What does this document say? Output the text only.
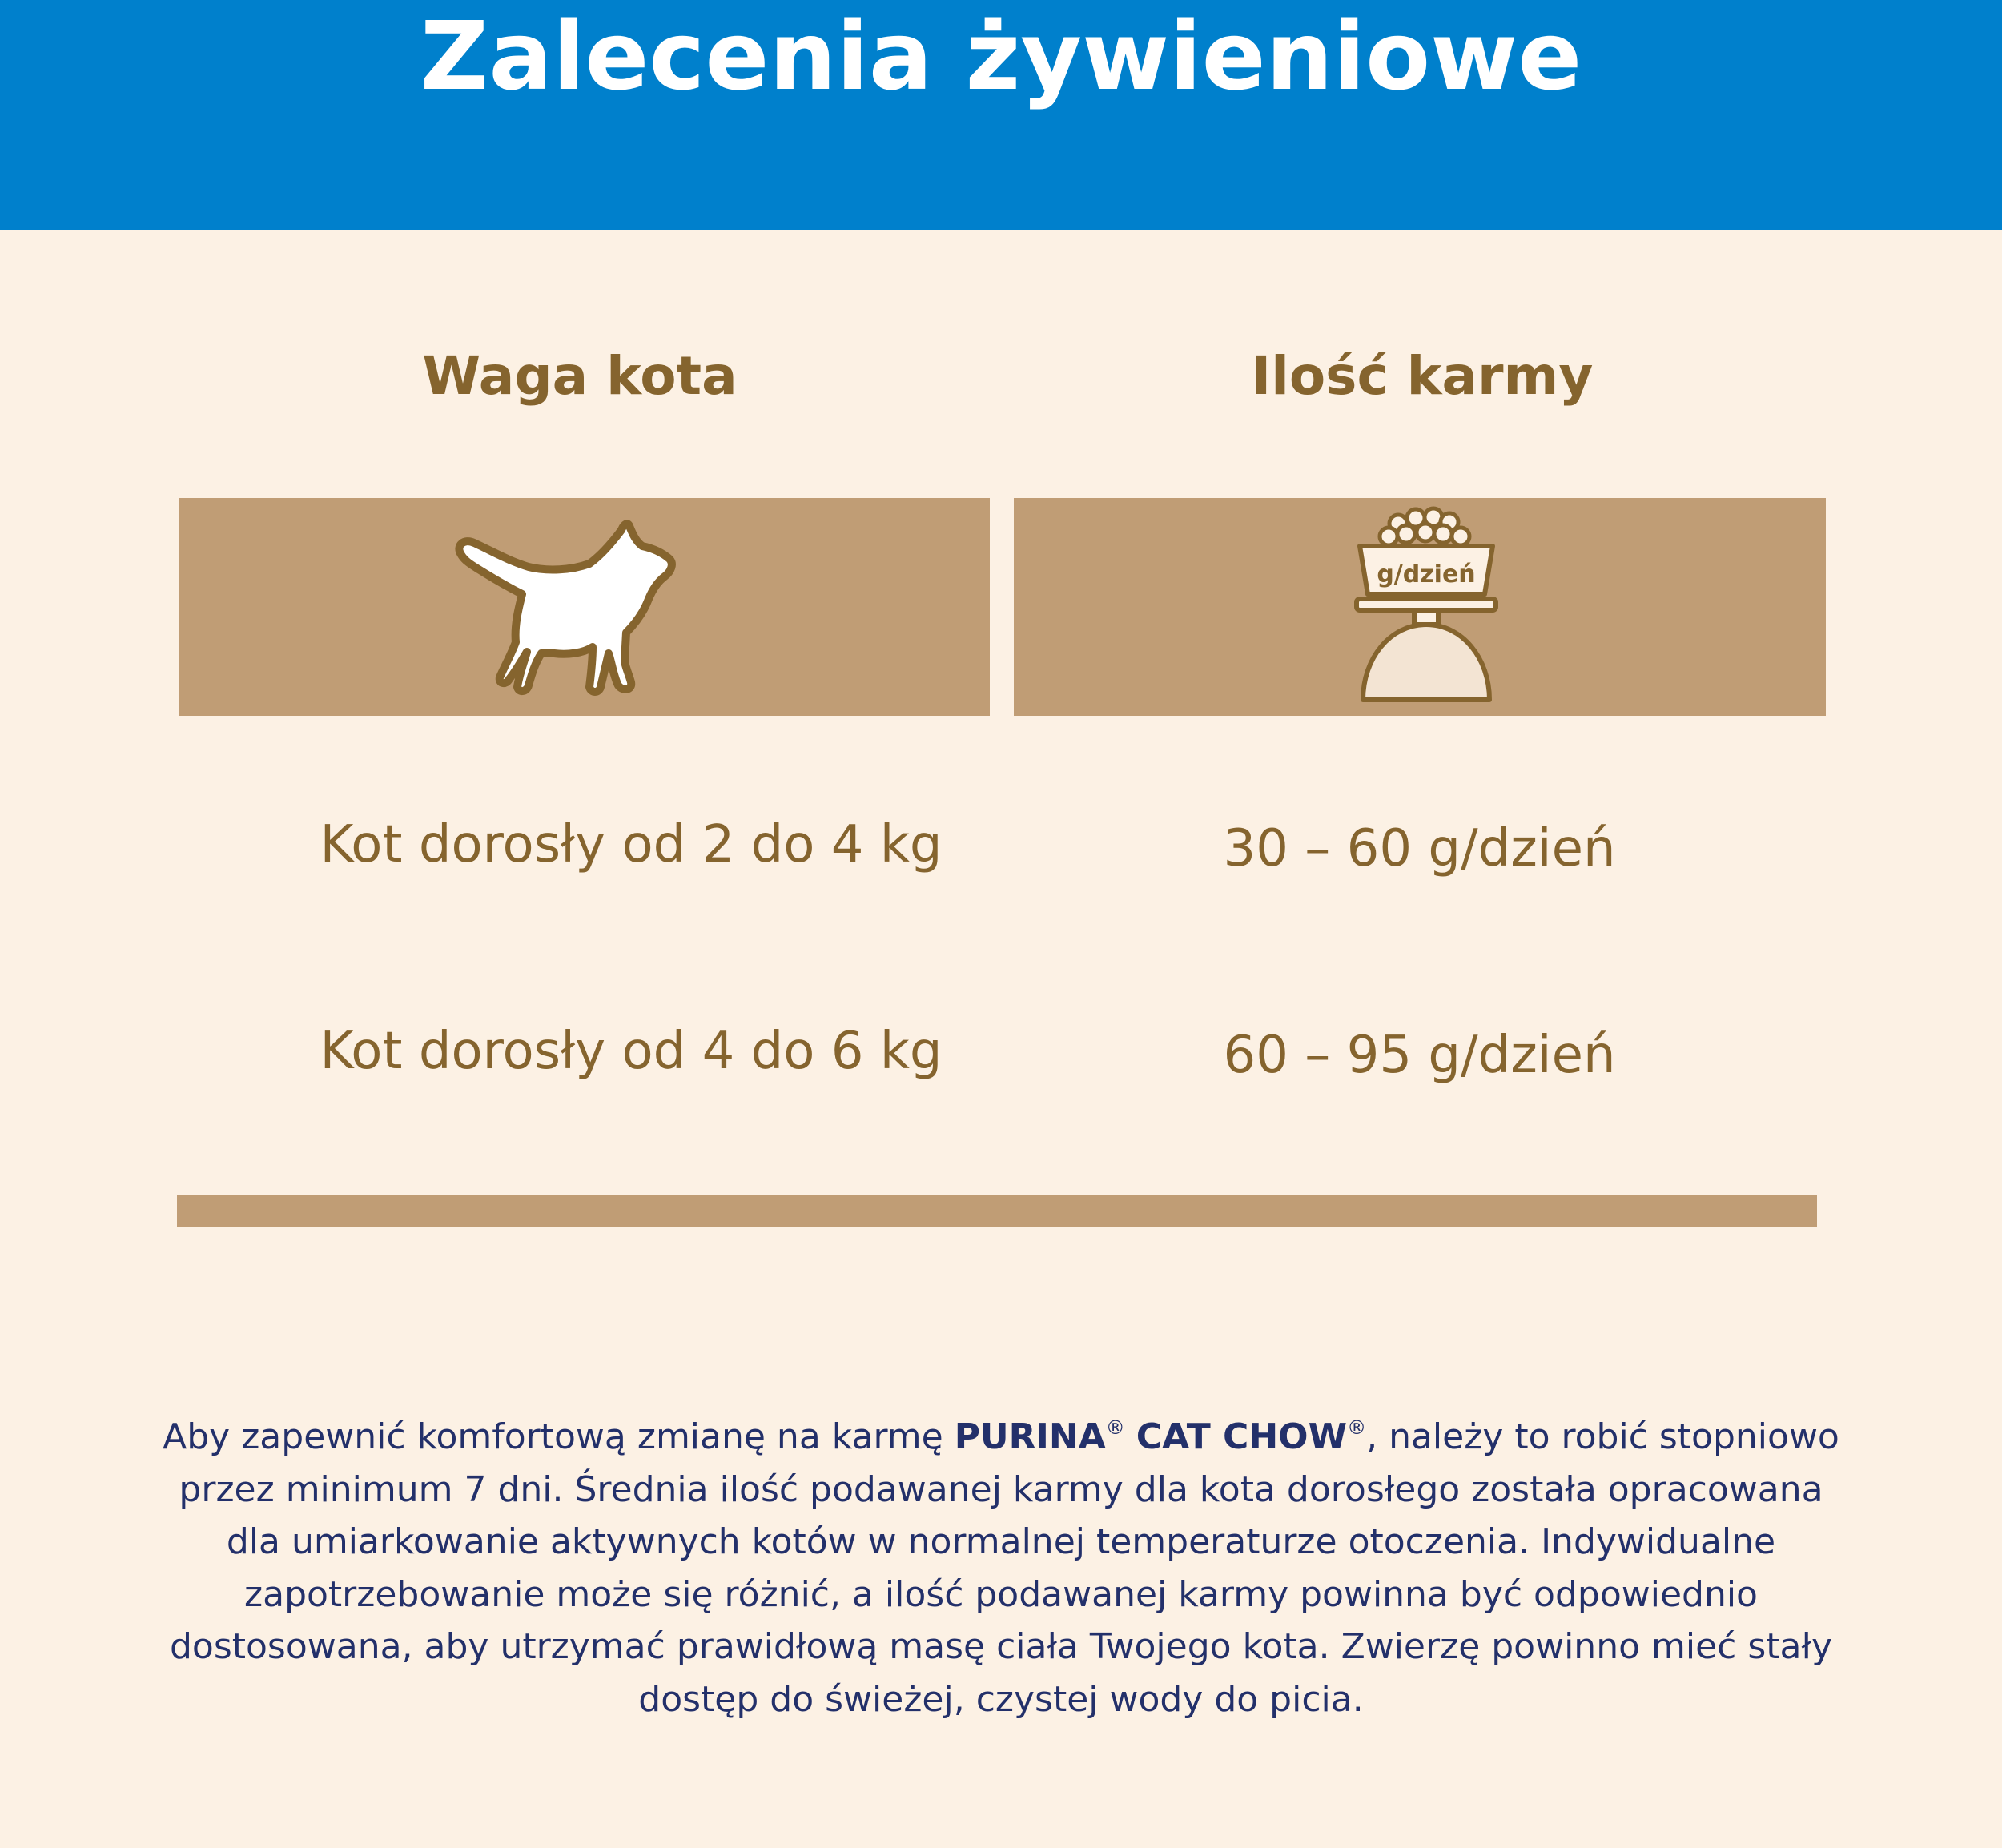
Zalecenia żywieniowe
Waga kota	Ilość karmy
g/dzień
Kot dorosły od 2 do 4 kg	30 – 60 g/dzień
Kot dorosły od 4 do 6 kg	60 – 95 g/dzień

Aby zapewnić komfortową zmianę na karmę PURINA® CAT CHOW®, należy to robić stopniowo przez minimum 7 dni. Średnia ilość podawanej karmy dla kota dorosłego została opracowana dla umiarkowanie aktywnych kotów w normalnej temperaturze otoczenia. Indywidualne zapotrzebowanie może się różnić, a ilość podawanej karmy powinna być odpowiednio dostosowana, aby utrzymać prawidłową masę ciała Twojego kota. Zwierzę powinno mieć stały dostęp do świeżej, czystej wody do picia.
